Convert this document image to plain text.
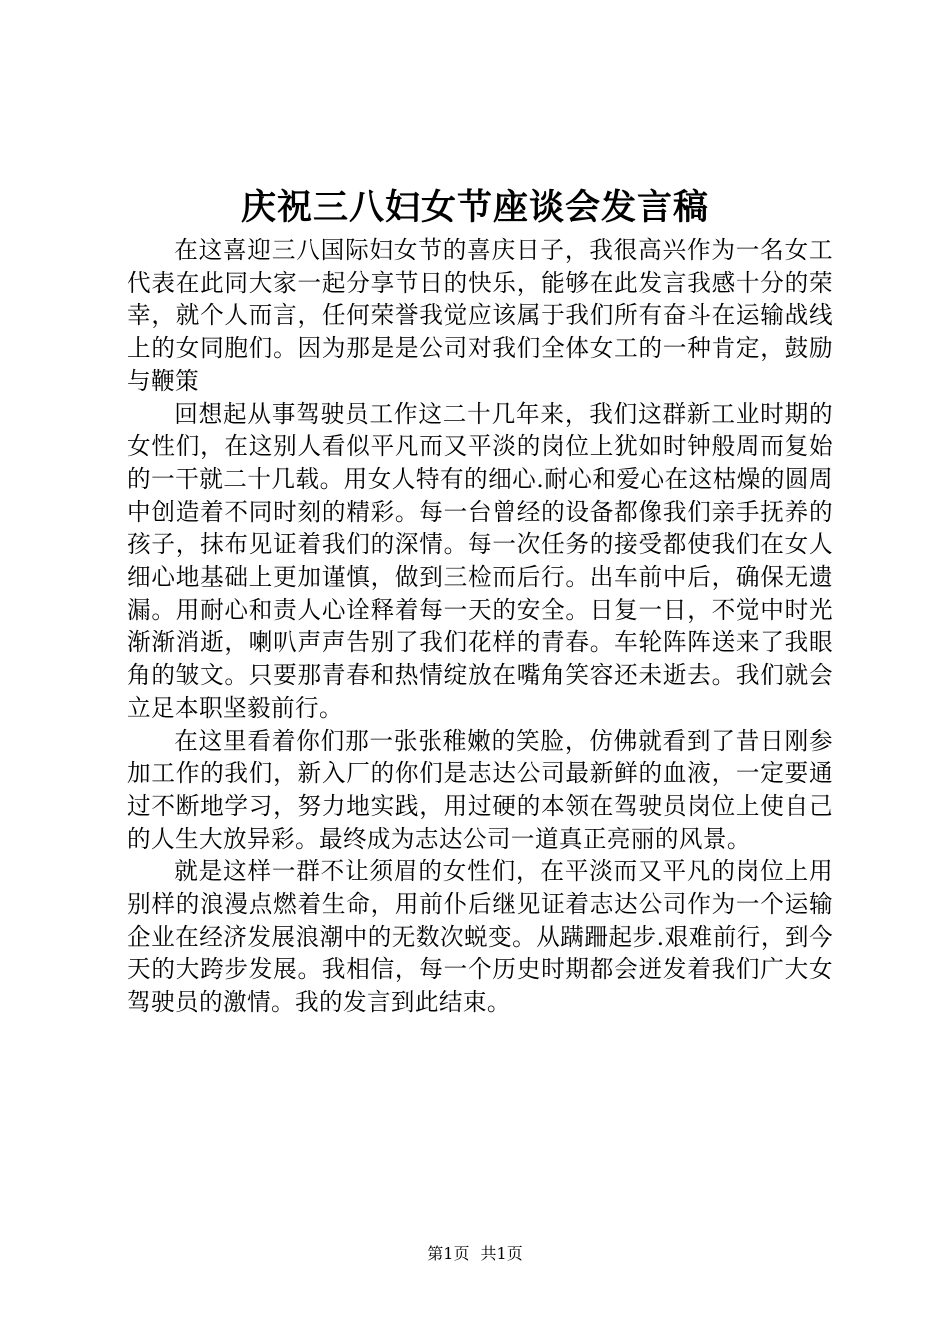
庆祝三八妇女节座谈会发言稿

在这喜迎三八国际妇女节的喜庆日子，我很高兴作为一名女工代表在此同大家一起分享节日的快乐，能够在此发言我感十分的荣幸，就个人而言，任何荣誉我觉应该属于我们所有奋斗在运输战线上的女同胞们。因为那是是公司对我们全体女工的一种肯定，鼓励与鞭策

回想起从事驾驶员工作这二十几年来，我们这群新工业时期的女性们，在这别人看似平凡而又平淡的岗位上犹如时钟般周而复始的一干就二十几载。用女人特有的细心.耐心和爱心在这枯燥的圆周中创造着不同时刻的精彩。每一台曾经的设备都像我们亲手抚养的孩子，抹布见证着我们的深情。每一次任务的接受都使我们在女人细心地基础上更加谨慎，做到三检而后行。出车前中后，确保无遗漏。用耐心和责人心诠释着每一天的安全。日复一日，不觉中时光渐渐消逝，喇叭声声告别了我们花样的青春。车轮阵阵送来了我眼角的皱文。只要那青春和热情绽放在嘴角笑容还未逝去。我们就会立足本职坚毅前行。

在这里看着你们那一张张稚嫩的笑脸，仿佛就看到了昔日刚参加工作的我们，新入厂的你们是志达公司最新鲜的血液，一定要通过不断地学习，努力地实践，用过硬的本领在驾驶员岗位上使自己的人生大放异彩。最终成为志达公司一道真正亮丽的风景。

就是这样一群不让须眉的女性们，在平淡而又平凡的岗位上用别样的浪漫点燃着生命，用前仆后继见证着志达公司作为一个运输企业在经济发展浪潮中的无数次蜕变。从蹒跚起步.艰难前行，到今天的大跨步发展。我相信，每一个历史时期都会迸发着我们广大女驾驶员的激情。我的发言到此结束。

第1页 共1页
